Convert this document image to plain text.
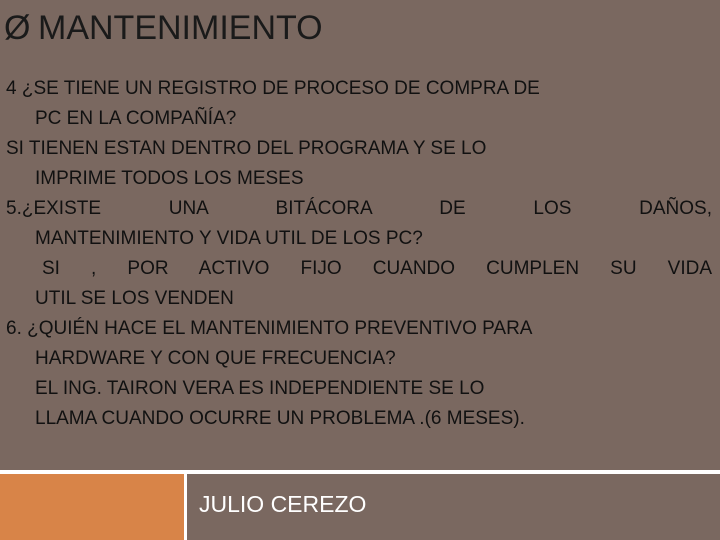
Ø MANTENIMIENTO

4 ¿SE TIENE UN REGISTRO DE PROCESO DE COMPRA DE

PC EN LA COMPAÑÍA?

SI TIENEN ESTAN DENTRO DEL PROGRAMA Y SE LO

IMPRIME TODOS LOS MESES

5.¿EXISTE UNA BITÁCORA DE LOS DAÑOS,

MANTENIMIENTO Y VIDA UTIL DE LOS PC?

SI , POR ACTIVO FIJO CUANDO CUMPLEN SU VIDA

UTIL SE LOS VENDEN

6. ¿QUIÉN HACE EL MANTENIMIENTO PREVENTIVO PARA

HARDWARE Y CON QUE FRECUENCIA?

EL ING. TAIRON VERA ES INDEPENDIENTE SE LO

LLAMA CUANDO OCURRE UN PROBLEMA .(6 MESES).

JULIO CEREZO
